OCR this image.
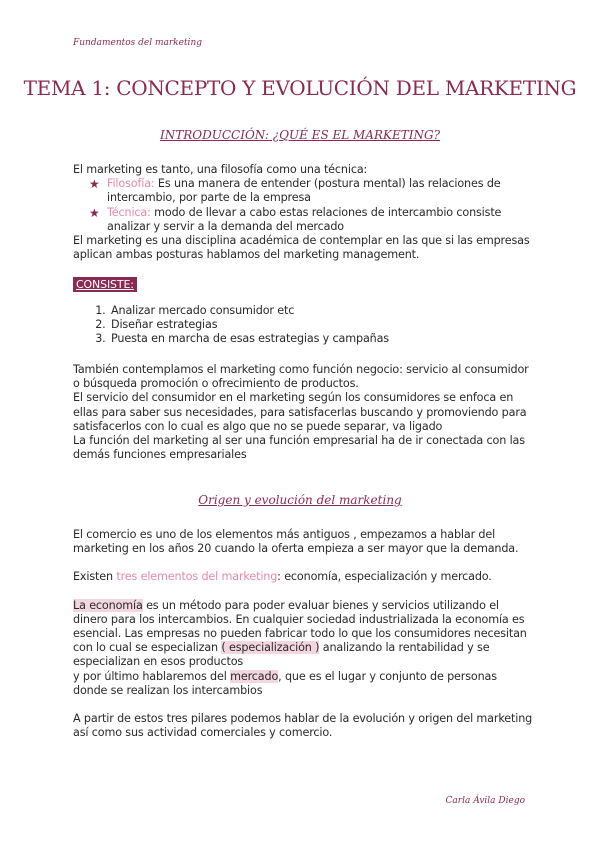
Fundamentos del marketing
TEMA 1: CONCEPTO Y EVOLUCIÓN DEL MARKETING
INTRODUCCIÓN: ¿QUÉ ES EL MARKETING?

El marketing es tanto, una filosofía como una técnica:

★ Filosofía: Es una manera de entender (postura mental) las relaciones de intercambio, por parte de la empresa
★ Técnica: modo de llevar a cabo estas relaciones de intercambio consiste analizar y servir a la demanda del mercado

El marketing es una disciplina académica de contemplar en las que si las empresas aplican ambas posturas hablamos del marketing management.

CONSISTE:
1. Analizar mercado consumidor etc
2. Diseñar estrategias
3. Puesta en marcha de esas estrategias y campañas

También contemplamos el marketing como función negocio: servicio al consumidor o búsqueda promoción o ofrecimiento de productos.

El servicio del consumidor en el marketing según los consumidores se enfoca en ellas para saber sus necesidades, para satisfacerlas buscando y promoviendo para satisfacerlos con lo cual es algo que no se puede separar, va ligado

La función del marketing al ser una función empresarial ha de ir conectada con las demás funciones empresariales

Origen y evolución del marketing

El comercio es uno de los elementos más antiguos , empezamos a hablar del marketing en los años 20 cuando la oferta empieza a ser mayor que la demanda.

Existen tres elementos del marketing: economía, especialización y mercado.

La economía es un método para poder evaluar bienes y servicios utilizando el dinero para los intercambios. En cualquier sociedad industrializada la economía es esencial. Las empresas no pueden fabricar todo lo que los consumidores necesitan con lo cual se especializan ( especialización ) analizando la rentabilidad y se especializan en esos productos

y por último hablaremos del mercado, que es el lugar y conjunto de personas donde se realizan los intercambios

A partir de estos tres pilares podemos hablar de la evolución y origen del marketing así como sus actividad comerciales y comercio.

Carla Ávila Diego
